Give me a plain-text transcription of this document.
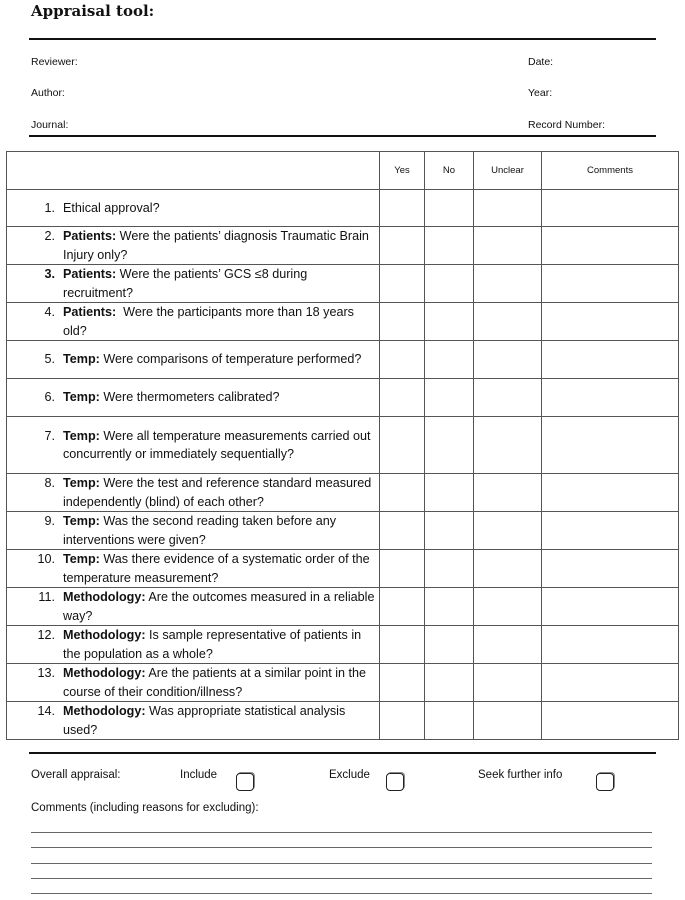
Appraisal tool:
Reviewer:
Author:
Journal:
Date:
Year:
Record Number:
	Yes	No	Unclear	Comments

1. Ethical approval?				

2. Patients: Were the patients’ diagnosis Traumatic Brain Injury only?				

3. Patients: Were the patients’ GCS ≤8 during recruitment?				

4. Patients:  Were the participants more than 18 years old?				

5. Temp: Were comparisons of temperature performed?				

6. Temp: Were thermometers calibrated?				

7. Temp: Were all temperature measurements carried out concurrently or immediately sequentially?				

8. Temp: Were the test and reference standard measured independently (blind) of each other?				

9. Temp: Was the second reading taken before any interventions were given?				

10. Temp: Was there evidence of a systematic order of the temperature measurement?				

11. Methodology: Are the outcomes measured in a reliable way?				

12. Methodology: Is sample representative of patients in the population as a whole?				

13. Methodology: Are the patients at a similar point in the course of their condition/illness?				

14. Methodology: Was appropriate statistical analysis used?				

Overall appraisal:	Include	Exclude	Seek further info
Comments (including reasons for excluding):
